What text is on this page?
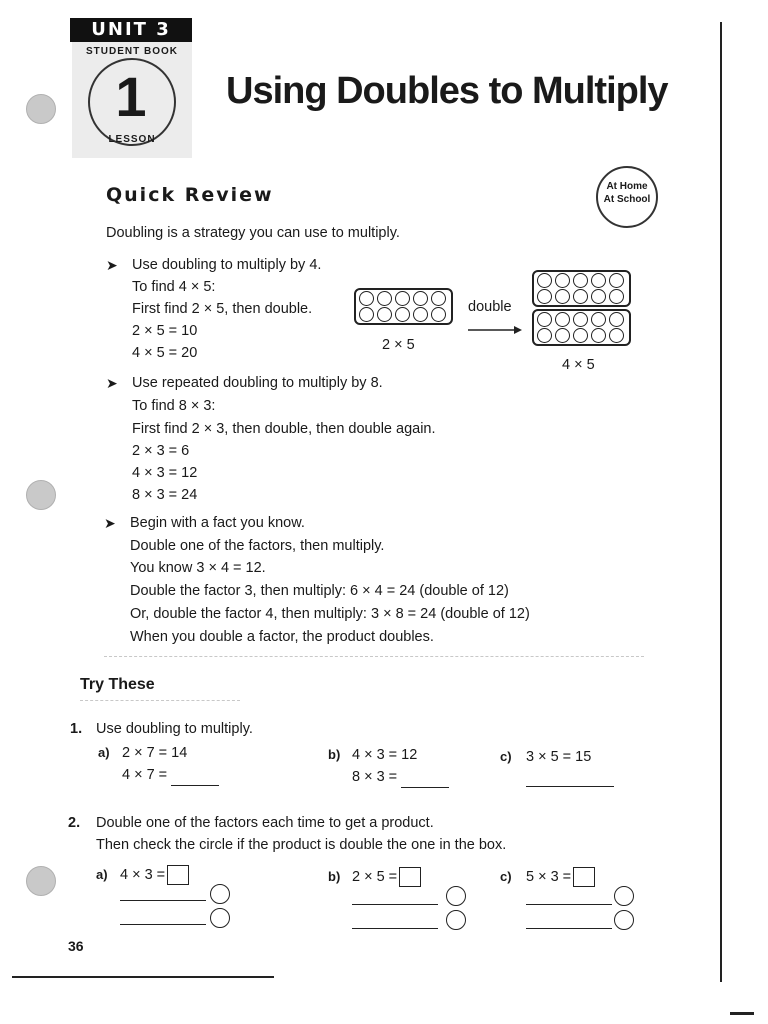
UNIT 3
STUDENT BOOK
1
LESSON
Using Doubles to Multiply
At Home
At School
Quick Review
Doubling is a strategy you can use to multiply.
➤ Use doubling to multiply by 4.
To find 4 × 5:
First find 2 × 5, then double.
2 × 5 = 10
4 × 5 = 20	2 × 5
double
4 × 5
➤ Use repeated doubling to multiply by 8.
To find 8 × 3:
First find 2 × 3, then double, then double again.
2 × 3 = 6
4 × 3 = 12
8 × 3 = 24
➤ Begin with a fact you know.
Double one of the factors, then multiply.
You know 3 × 4 = 12.
Double the factor 3, then multiply: 6 × 4 = 24 (double of 12)
Or, double the factor 4, then multiply: 3 × 8 = 24 (double of 12)
When you double a factor, the product doubles.
Try These
1. Use doubling to multiply.
a) 2 × 7 = 14
4 × 7 =
b) 4 × 3 = 12
8 × 3 =
c) 3 × 5 = 15
2. Double one of the factors each time to get a product.
Then check the circle if the product is double the one in the box.
a) 4 × 3 =	b) 2 × 5 =	c) 5 × 3 =
36
